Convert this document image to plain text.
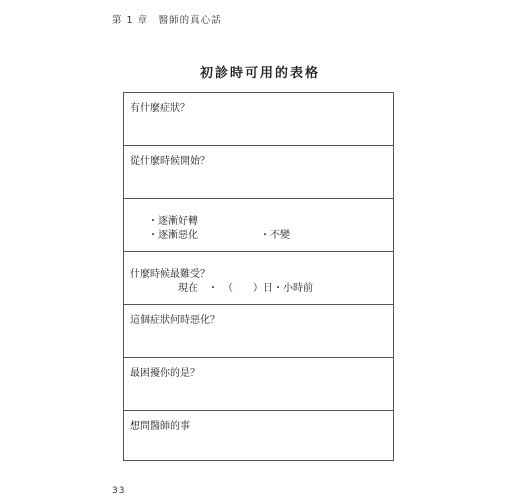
第 1 章　醫師的真心話
初診時可用的表格
有什麼症狀？
從什麼時候開始？
・逐漸好轉
・逐漸惡化	・不變
什麼時候最難受？
現在　・　（　　）日・小時前
這個症狀何時惡化？
最困擾你的是？
想問醫師的事
33
